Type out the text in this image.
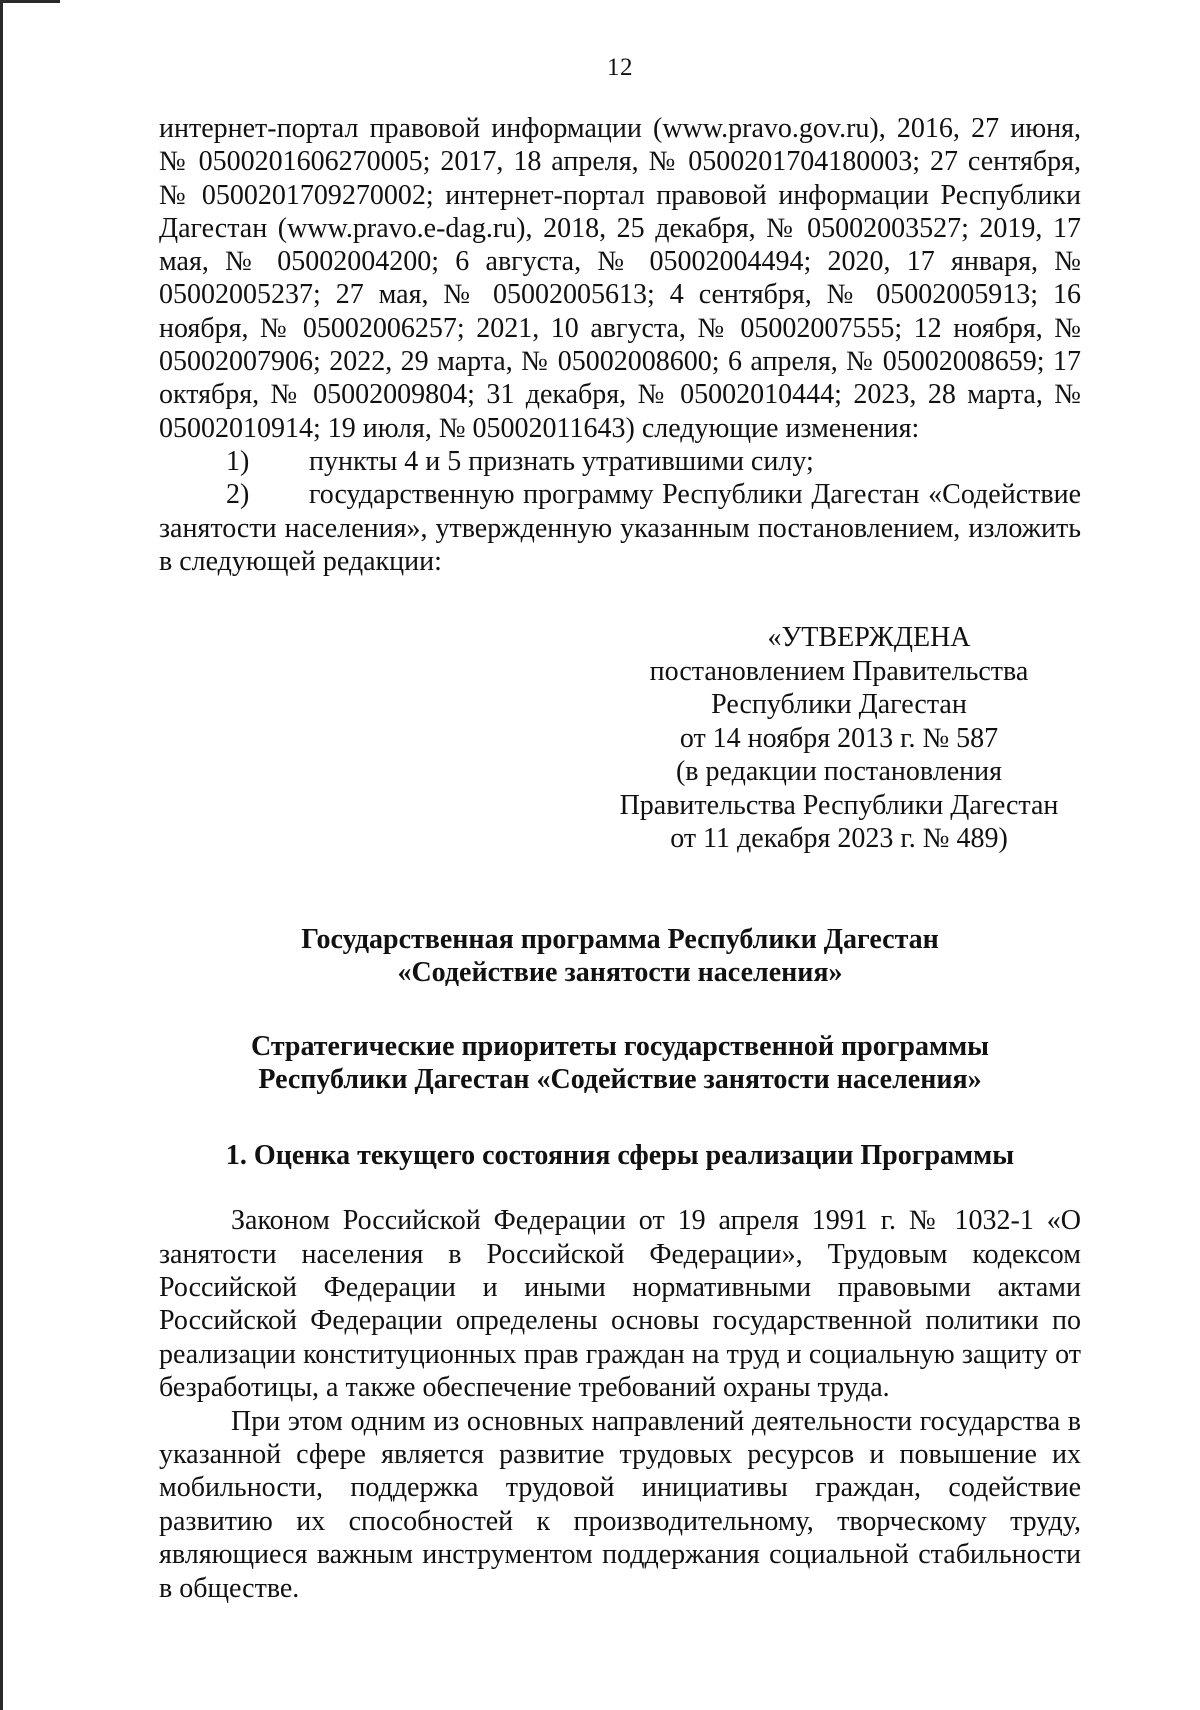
12

интернет-портал правовой информации (www.pravo.gov.ru), 2016, 27 июня, № 0500201606270005; 2017, 18 апреля, № 0500201704180003; 27 сентября, № 0500201709270002; интернет-портал правовой информации Республики Дагестан (www.pravo.e-dag.ru), 2018, 25 декабря, № 05002003527; 2019, 17 мая, № 05002004200; 6 августа, № 05002004494; 2020, 17 января, № 05002005237; 27 мая, № 05002005613; 4 сентября, № 05002005913; 16 ноября, № 05002006257; 2021, 10 августа, № 05002007555; 12 ноября, № 05002007906; 2022, 29 марта, № 05002008600; 6 апреля, № 05002008659; 17 октября, № 05002009804; 31 декабря, № 05002010444; 2023, 28 марта, № 05002010914; 19 июля, № 05002011643) следующие изменения:

1) пункты 4 и 5 признать утратившими силу;

2) государственную программу Республики Дагестан «Содействие занятости населения», утвержденную указанным постановлением, изложить в следующей редакции:

«УТВЕРЖДЕНА
постановлением Правительства
Республики Дагестан
от 14 ноября 2013 г. № 587
(в редакции постановления
Правительства Республики Дагестан
от 11 декабря 2023 г. № 489)
Государственная программа Республики Дагестан
«Содействие занятости населения»
Стратегические приоритеты государственной программы
Республики Дагестан «Содействие занятости населения»
1. Оценка текущего состояния сферы реализации Программы

Законом Российской Федерации от 19 апреля 1991 г. № 1032-1 «О занятости населения в Российской Федерации», Трудовым кодексом Российской Федерации и иными нормативными правовыми актами Российской Федерации определены основы государственной политики по реализации конституционных прав граждан на труд и социальную защиту от безработицы, а также обеспечение требований охраны труда.

При этом одним из основных направлений деятельности государства в указанной сфере является развитие трудовых ресурсов и повышение их мобильности, поддержка трудовой инициативы граждан, содействие развитию их способностей к производительному, творческому труду, являющиеся важным инструментом поддержания социальной стабильности в обществе.
